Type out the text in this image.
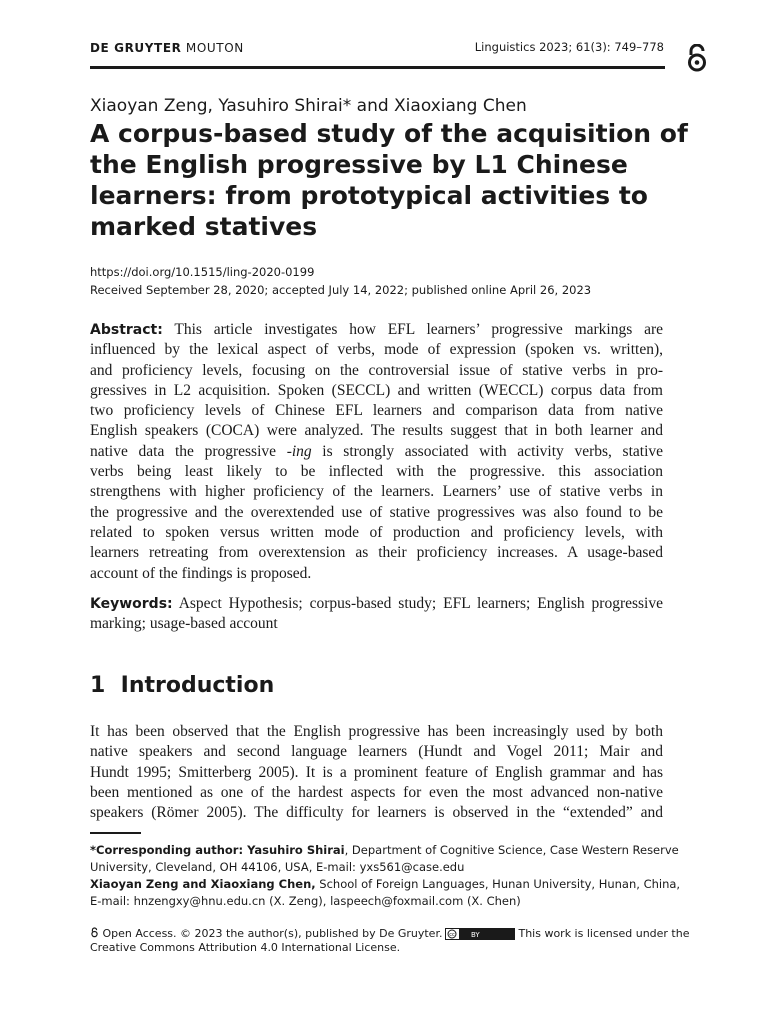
DE GRUYTER MOUTON	Linguistics 2023; 61(3): 749–778
Xiaoyan Zeng, Yasuhiro Shirai* and Xiaoxiang Chen
A corpus-based study of the acquisition of
the English progressive by L1 Chinese
learners: from prototypical activities to
marked statives
https://doi.org/10.1515/ling-2020-0199
Received September 28, 2020; accepted July 14, 2022; published online April 26, 2023
Abstract: This article investigates how EFL learners’ progressive markings are
influenced by the lexical aspect of verbs, mode of expression (spoken vs. written),
and proficiency levels, focusing on the controversial issue of stative verbs in pro-
gressives in L2 acquisition. Spoken (SECCL) and written (WECCL) corpus data from
two proficiency levels of Chinese EFL learners and comparison data from native
English speakers (COCA) were analyzed. The results suggest that in both learner and
native data the progressive -ing is strongly associated with activity verbs, stative
verbs being least likely to be inflected with the progressive. this association
strengthens with higher proficiency of the learners. Learners’ use of stative verbs in
the progressive and the overextended use of stative progressives was also found to be
related to spoken versus written mode of production and proficiency levels, with
learners retreating from overextension as their proficiency increases. A usage-based
account of the findings is proposed.
Keywords: Aspect Hypothesis; corpus-based study; EFL learners; English progressive
marking; usage-based account
1 Introduction
It has been observed that the English progressive has been increasingly used by both
native speakers and second language learners (Hundt and Vogel 2011; Mair and
Hundt 1995; Smitterberg 2005). It is a prominent feature of English grammar and has
been mentioned as one of the hardest aspects for even the most advanced non-native
speakers (Römer 2005). The difficulty for learners is observed in the “extended” and
*Corresponding author: Yasuhiro Shirai, Department of Cognitive Science, Case Western Reserve
University, Cleveland, OH 44106, USA, E-mail: yxs561@case.edu
Xiaoyan Zeng and Xiaoxiang Chen, School of Foreign Languages, Hunan University, Hunan, China,
E-mail: hnzengxy@hnu.edu.cn (X. Zeng), laspeech@foxmail.com (X. Chen)
Open Access. © 2023 the author(s), published by De Gruyter. cc BY	This work is licensed under the
Creative Commons Attribution 4.0 International License.
